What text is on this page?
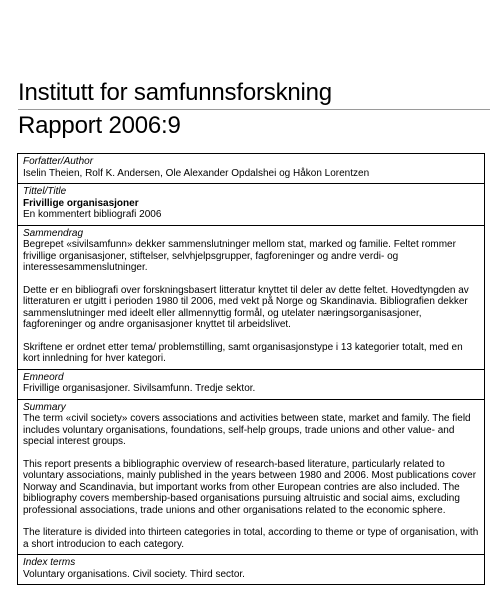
Institutt for samfunnsforskning
Rapport 2006:9
Forfatter/Author
Iselin Theien, Rolf K. Andersen, Ole Alexander Opdalshei og Håkon Lorentzen
Tittel/Title
Frivillige organisasjoner
En kommentert bibliografi 2006
Sammendrag

Begrepet «sivilsamfunn» dekker sammenslutninger mellom stat, marked og familie. Feltet rommer frivillige organisasjoner, stiftelser, selvhjelpsgrupper, fagforeninger og andre verdi- og interessesammenslutninger.

Dette er en bibliografi over forskningsbasert litteratur knyttet til deler av dette feltet. Hovedtyngden av litteraturen er utgitt i perioden 1980 til 2006, med vekt på Norge og Skandinavia. Bibliografien dekker sammenslutninger med ideelt eller allmennyttig formål, og utelater næringsorganisasjoner, fagforeninger og andre organisasjoner knyttet til arbeidslivet.

Skriftene er ordnet etter tema/ problemstilling, samt organisasjonstype i 13 kategorier totalt, med en kort innledning for hver kategori.

Emneord
Frivillige organisasjoner. Sivilsamfunn. Tredje sektor.
Summary

The term «civil society» covers associations and activities between state, market and family. The field includes voluntary organisations, foundations, self-help groups, trade unions and other value- and special interest groups.

This report presents a bibliographic overview of research-based literature, particularly related to voluntary associations, mainly published in the years between 1980 and 2006. Most publications cover Norway and Scandinavia, but important works from other European contries are also included. The bibliography covers membership-based organisations pursuing altruistic and social aims, excluding professional associations, trade unions and other organisations related to the economic sphere.

The literature is divided into thirteen categories in total, according to theme or type of organisation, with a short introducion to each category.

Index terms
Voluntary organisations. Civil society. Third sector.
